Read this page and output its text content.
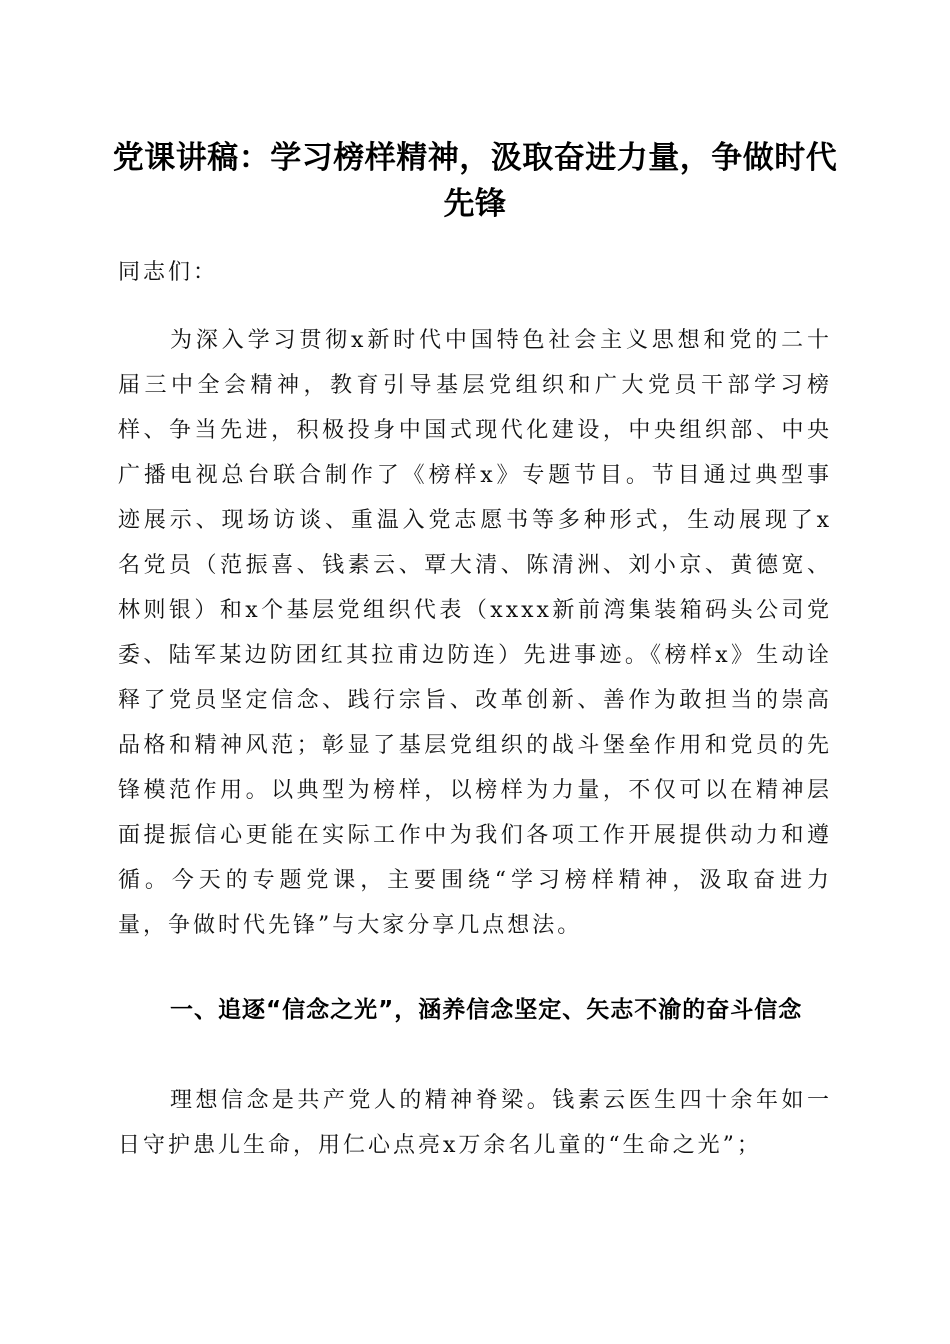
党课讲稿：学习榜样精神，汲取奋进力量，争做时代先锋

同志们：

为深入学习贯彻x新时代中国特色社会主义思想和党的二十届三中全会精神，教育引导基层党组织和广大党员干部学习榜样、争当先进，积极投身中国式现代化建设，中央组织部、中央广播电视总台联合制作了《榜样x》专题节目。节目通过典型事迹展示、现场访谈、重温入党志愿书等多种形式，生动展现了x名党员（范振喜、钱素云、覃大清、陈清洲、刘小京、黄德宽、林则银）和x个基层党组织代表（xxxx新前湾集装箱码头公司党委、陆军某边防团红其拉甫边防连）先进事迹。《榜样x》生动诠释了党员坚定信念、践行宗旨、改革创新、善作为敢担当的崇高品格和精神风范；彰显了基层党组织的战斗堡垒作用和党员的先锋模范作用。以典型为榜样，以榜样为力量，不仅可以在精神层面提振信心更能在实际工作中为我们各项工作开展提供动力和遵循。今天的专题党课，主要围绕“学习榜样精神，汲取奋进力量，争做时代先锋”与大家分享几点想法。

一、追逐“信念之光”，涵养信念坚定、矢志不渝的奋斗信念

理想信念是共产党人的精神脊梁。钱素云医生四十余年如一日守护患儿生命，用仁心点亮x万余名儿童的“生命之光”；
